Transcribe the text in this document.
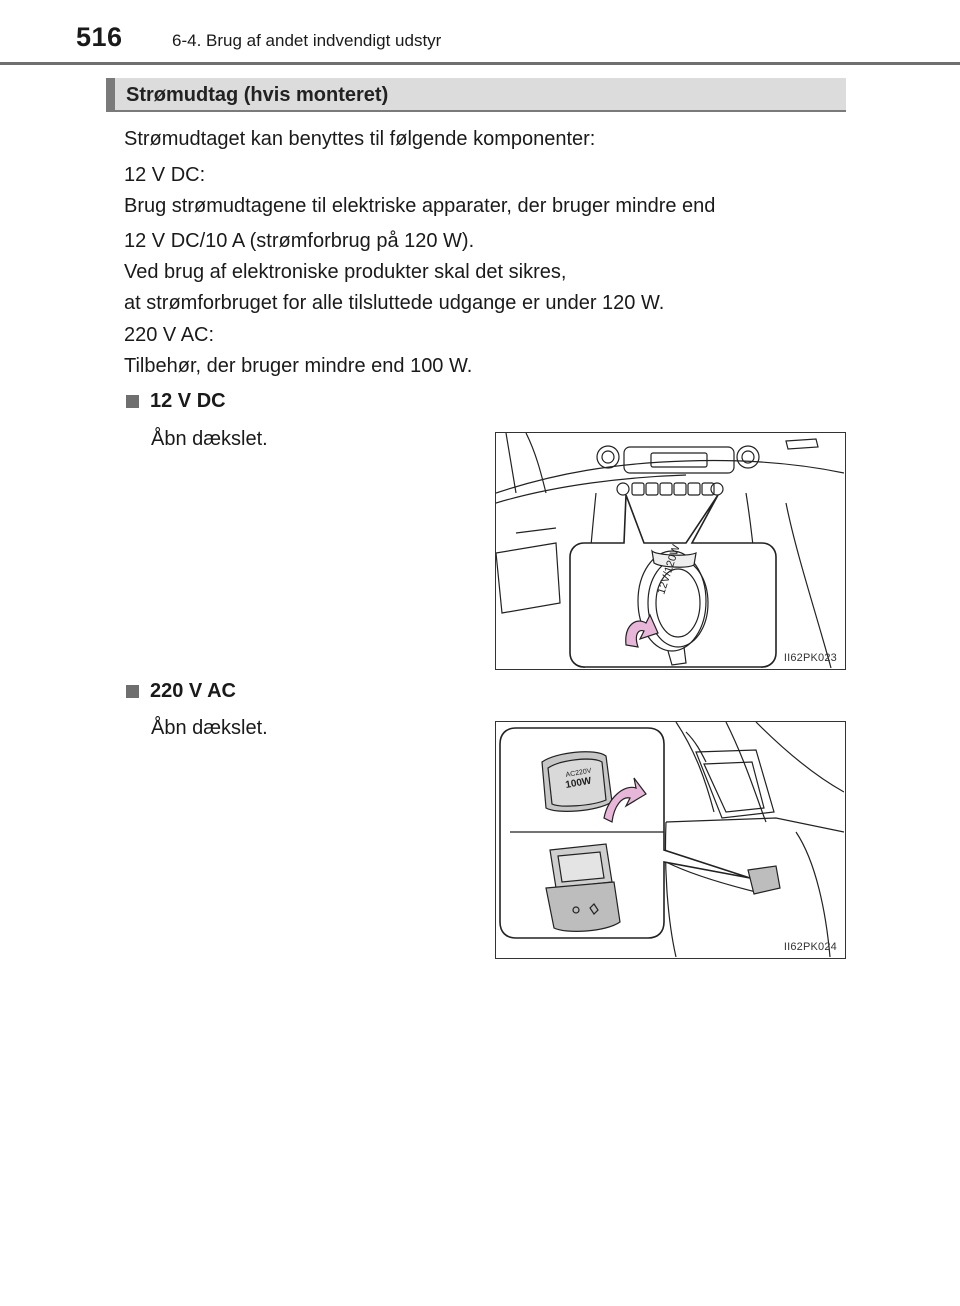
516	6-4. Brug af andet indvendigt udstyr
Strømudtag (hvis monteret)

Strømudtaget kan benyttes til følgende komponenter:

12 V DC:
Brug strømudtagene til elektriske apparater, der bruger mindre end

12 V DC/10 A (strømforbrug på 120 W).
Ved brug af elektroniske produkter skal det sikres,
at strømforbruget for alle tilsluttede udgange er under 120 W.

220 V AC:
Tilbehør, der bruger mindre end 100 W.

12 V DC
Åbn dækslet.
12V/120W
II62PK023
220 V AC
Åbn dækslet.
AC220V
100W
II62PK024
